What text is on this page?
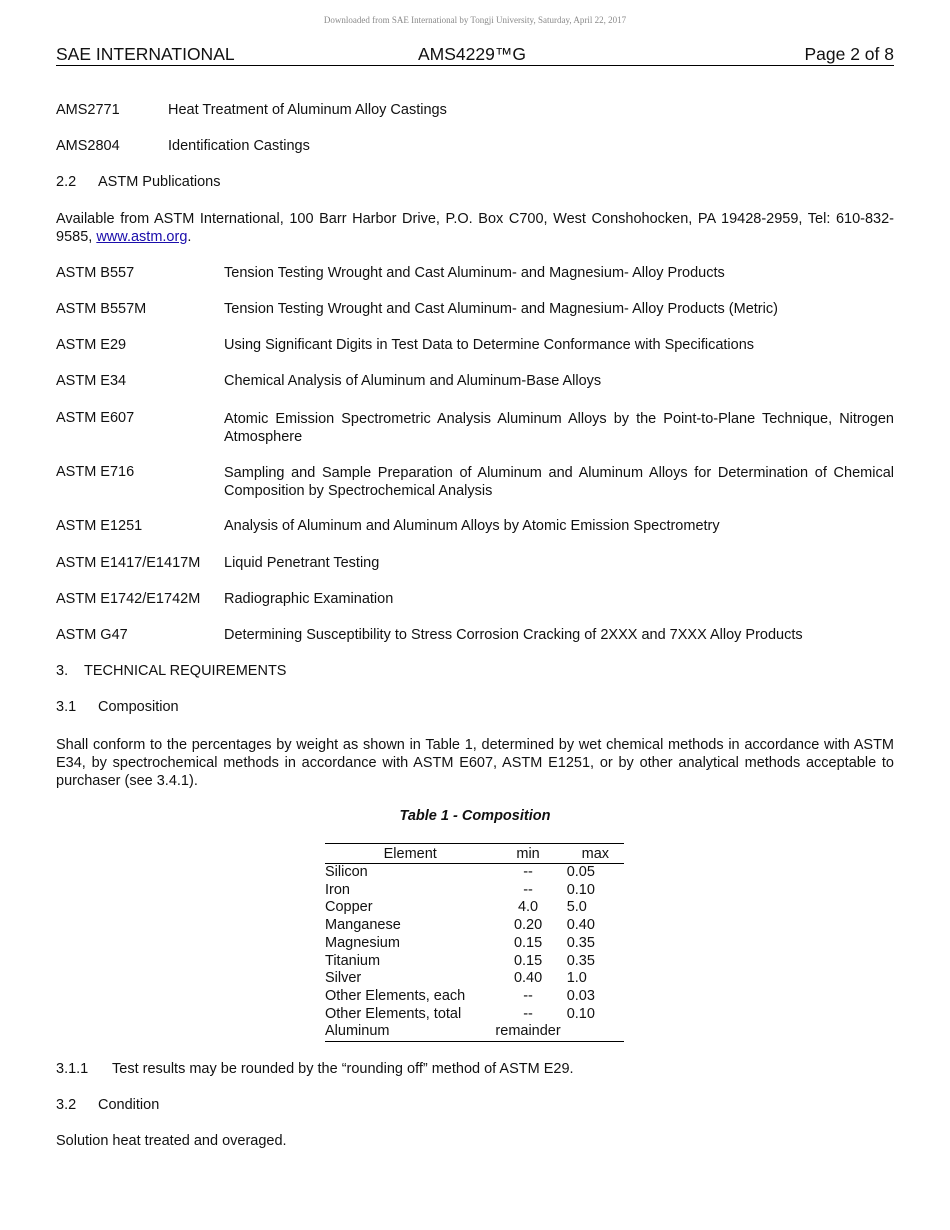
Downloaded from SAE International by Tongji University, Saturday, April 22, 2017
SAE INTERNATIONAL	AMS4229™G	Page 2 of 8
AMS2771	Heat Treatment of Aluminum Alloy Castings
AMS2804	Identification Castings
2.2 ASTM Publications
Available from ASTM International, 100 Barr Harbor Drive, P.O. Box C700, West Conshohocken, PA 19428-2959, Tel: 610-832-9585, www.astm.org.
ASTM B557	Tension Testing Wrought and Cast Aluminum- and Magnesium- Alloy Products
ASTM B557M	Tension Testing Wrought and Cast Aluminum- and Magnesium- Alloy Products (Metric)
ASTM E29	Using Significant Digits in Test Data to Determine Conformance with Specifications
ASTM E34	Chemical Analysis of Aluminum and Aluminum-Base Alloys
ASTM E607	Atomic Emission Spectrometric Analysis Aluminum Alloys by the Point-to-Plane Technique, Nitrogen Atmosphere
ASTM E716	Sampling and Sample Preparation of Aluminum and Aluminum Alloys for Determination of Chemical Composition by Spectrochemical Analysis
ASTM E1251	Analysis of Aluminum and Aluminum Alloys by Atomic Emission Spectrometry
ASTM E1417/E1417M Liquid Penetrant Testing
ASTM E1742/E1742M Radiographic Examination
ASTM G47	Determining Susceptibility to Stress Corrosion Cracking of 2XXX and 7XXX Alloy Products
3. TECHNICAL REQUIREMENTS
3.1 Composition
Shall conform to the percentages by weight as shown in Table 1, determined by wet chemical methods in accordance with ASTM E34, by spectrochemical methods in accordance with ASTM E607, ASTM E1251, or by other analytical methods acceptable to purchaser (see 3.4.1).
Table 1 - Composition
Element	min	max
Silicon	--	0.05
Iron	--	0.10
Copper	4.0	5.0
Manganese	0.20	0.40
Magnesium	0.15	0.35
Titanium	0.15	0.35
Silver	0.40	1.0
Other Elements, each	--	0.03
Other Elements, total	--	0.10
Aluminum	remainder	
3.1.1 Test results may be rounded by the “rounding off” method of ASTM E29.
3.2 Condition
Solution heat treated and overaged.
